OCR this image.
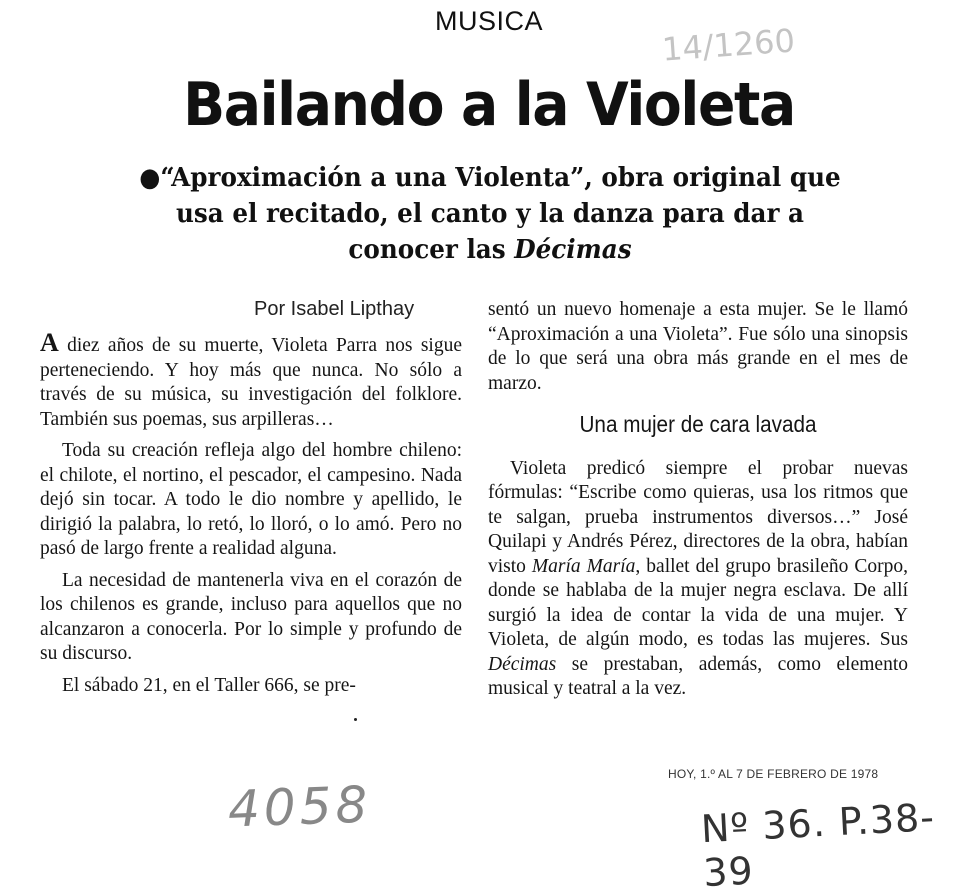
MUSICA
14/1260
Bailando a la Violeta
●“Aproximación a una Violenta”, obra original que usa el recitado, el canto y la danza para dar a conocer las Décimas
Por Isabel Lipthay

A diez años de su muerte, Violeta Parra nos sigue perteneciendo. Y hoy más que nunca. No sólo a través de su música, su investigación del folklore. También sus poemas, sus arpilleras…

Toda su creación refleja algo del hombre chileno: el chilote, el nortino, el pescador, el campesino. Nada dejó sin tocar. A todo le dio nombre y apellido, le dirigió la palabra, lo retó, lo lloró, o lo amó. Pero no pasó de largo frente a realidad alguna.

La necesidad de mantenerla viva en el corazón de los chilenos es grande, incluso para aquellos que no alcanzaron a conocerla. Por lo simple y profundo de su discurso.

El sábado 21, en el Taller 666, se pre-

sentó un nuevo homenaje a esta mujer. Se le llamó “Aproximación a una Violeta”. Fue sólo una sinopsis de lo que será una obra más grande en el mes de marzo.

Una mujer de cara lavada

Violeta predicó siempre el probar nuevas fórmulas: “Escribe como quieras, usa los ritmos que te salgan, prueba instrumentos diversos…” José Quilapi y Andrés Pérez, directores de la obra, habían visto María María, ballet del grupo brasileño Corpo, donde se hablaba de la mujer negra esclava. De allí surgió la idea de contar la vida de una mujer. Y Violeta, de algún modo, es todas las mujeres. Sus Décimas se prestaban, además, como elemento musical y teatral a la vez.

HOY, 1.º AL 7 DE FEBRERO DE 1978
4058	Nº 36. P.38-39
